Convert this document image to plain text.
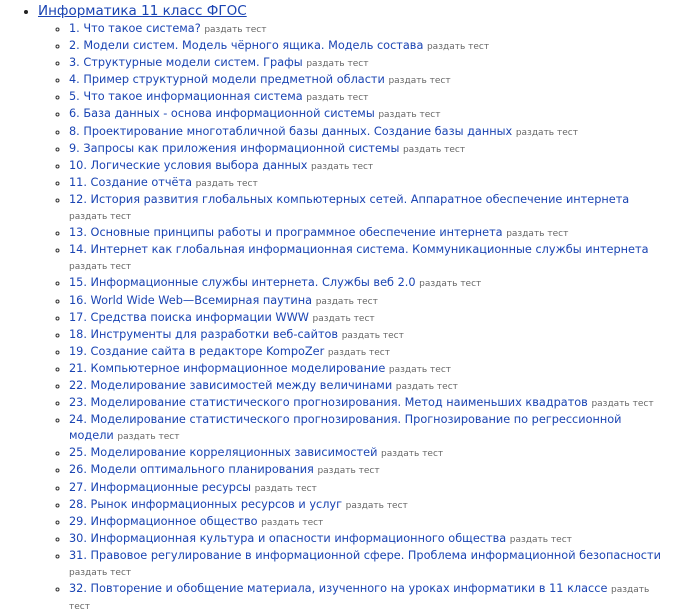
• Информатика 11 класс ФГОС
◦ 1. Что такое система? раздать тест
◦ 2. Модели систем. Модель чёрного ящика. Модель состава раздать тест
◦ 3. Структурные модели систем. Графы раздать тест
◦ 4. Пример структурной модели предметной области раздать тест
◦ 5. Что такое информационная система раздать тест
◦ 6. База данных - основа информационной системы раздать тест
◦ 8. Проектирование многотабличной базы данных. Создание базы данных раздать тест
◦ 9. Запросы как приложения информационной системы раздать тест
◦ 10. Логические условия выбора данных раздать тест
◦ 11. Создание отчёта раздать тест
◦ 12. История развития глобальных компьютерных сетей. Аппаратное обеспечение интернета раздать тест
◦ 13. Основные принципы работы и программное обеспечение интернета раздать тест
◦ 14. Интернет как глобальная информационная система. Коммуникационные службы интернета раздать тест
◦ 15. Информационные службы интернета. Службы веб 2.0 раздать тест
◦ 16. World Wide Web—Всемирная паутина раздать тест
◦ 17. Средства поиска информации WWW раздать тест
◦ 18. Инструменты для разработки веб-сайтов раздать тест
◦ 19. Создание сайта в редакторе KompoZer раздать тест
◦ 21. Компьютерное информационное моделирование раздать тест
◦ 22. Моделирование зависимостей между величинами раздать тест
◦ 23. Моделирование статистического прогнозирования. Метод наименьших квадратов раздать тест
◦ 24. Моделирование статистического прогнозирования. Прогнозирование по регрессионной модели раздать тест
◦ 25. Моделирование корреляционных зависимостей раздать тест
◦ 26. Модели оптимального планирования раздать тест
◦ 27. Информационные ресурсы раздать тест
◦ 28. Рынок информационных ресурсов и услуг раздать тест
◦ 29. Информационное общество раздать тест
◦ 30. Информационная культура и опасности информационного общества раздать тест
◦ 31. Правовое регулирование в информационной сфере. Проблема информационной безопасности раздать тест
◦ 32. Повторение и обобщение материала, изученного на уроках информатики в 11 классе раздать тест
